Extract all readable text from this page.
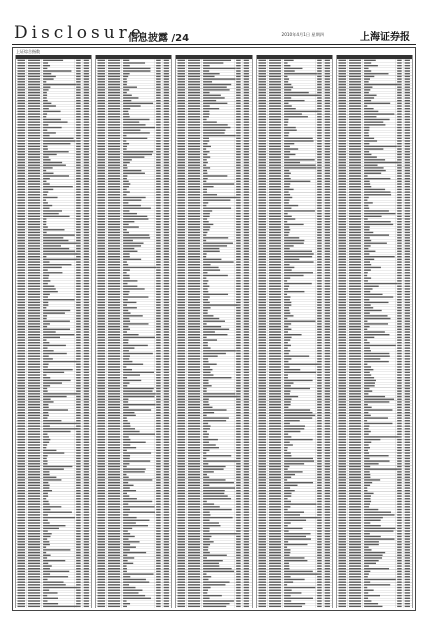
Disclosure
信息披露 /24	2010年4月1日 星期四	上海证券报
上证综合指数
